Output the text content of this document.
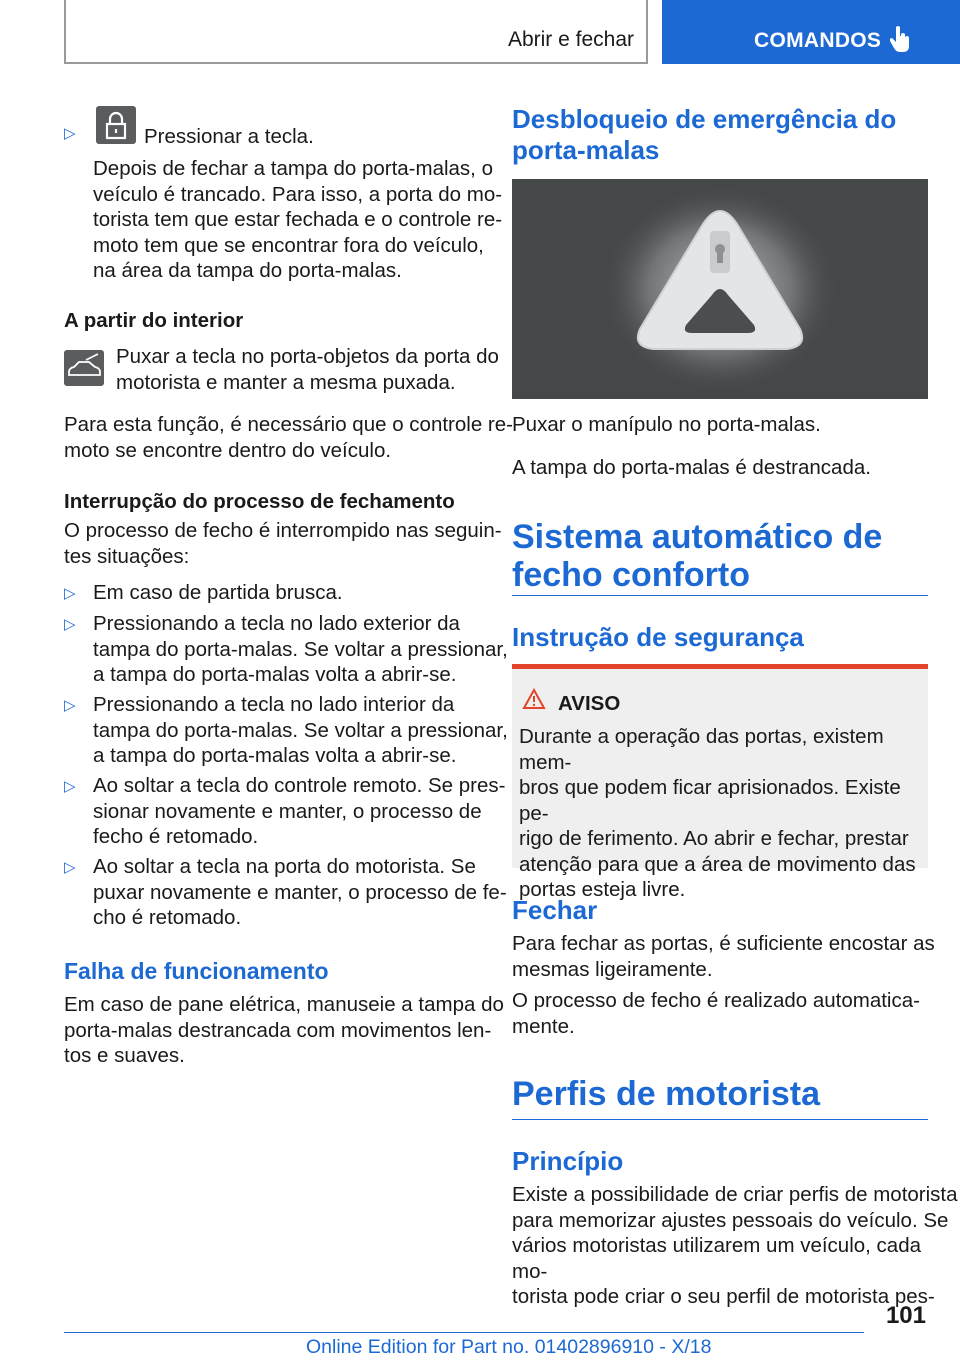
Abrir e fechar	COMANDOS
▷	Pressionar a tecla.

Depois de fechar a tampa do porta-malas, o

veículo é trancado. Para isso, a porta do mo-

torista tem que estar fechada e o controle re-

moto tem que se encontrar fora do veículo,

na área da tampa do porta-malas.

A partir do interior

Puxar a tecla no porta-objetos da porta do

motorista e manter a mesma puxada.

Para esta função, é necessário que o controle re-

moto se encontre dentro do veículo.

Interrupção do processo de fechamento

O processo de fecho é interrompido nas seguin-

tes situações:

▷ Em caso de partida brusca.

▷ Pressionando a tecla no lado exterior da

tampa do porta-malas. Se voltar a pressionar,

a tampa do porta-malas volta a abrir-se.

▷ Pressionando a tecla no lado interior da

tampa do porta-malas. Se voltar a pressionar,

a tampa do porta-malas volta a abrir-se.

▷ Ao soltar a tecla do controle remoto. Se pres-

sionar novamente e manter, o processo de

fecho é retomado.

▷ Ao soltar a tecla na porta do motorista. Se

puxar novamente e manter, o processo de fe-

cho é retomado.

Falha de funcionamento

Em caso de pane elétrica, manuseie a tampa do

porta-malas destrancada com movimentos len-

tos e suaves.

Desbloqueio de emergência do
porta-malas
Puxar o manípulo no porta-malas.
A tampa do porta-malas é destrancada.
Sistema automático de
fecho conforto
Instrução de segurança
AVISO

Durante a operação das portas, existem mem-

bros que podem ficar aprisionados. Existe pe-

rigo de ferimento. Ao abrir e fechar, prestar

atenção para que a área de movimento das

portas esteja livre.

Fechar

Para fechar as portas, é suficiente encostar as

mesmas ligeiramente.

O processo de fecho é realizado automatica-

mente.

Perfis de motorista
Princípio

Existe a possibilidade de criar perfis de motorista

para memorizar ajustes pessoais do veículo. Se

vários motoristas utilizarem um veículo, cada mo-

torista pode criar o seu perfil de motorista pes-

101
Online Edition for Part no. 01402896910 - X/18
